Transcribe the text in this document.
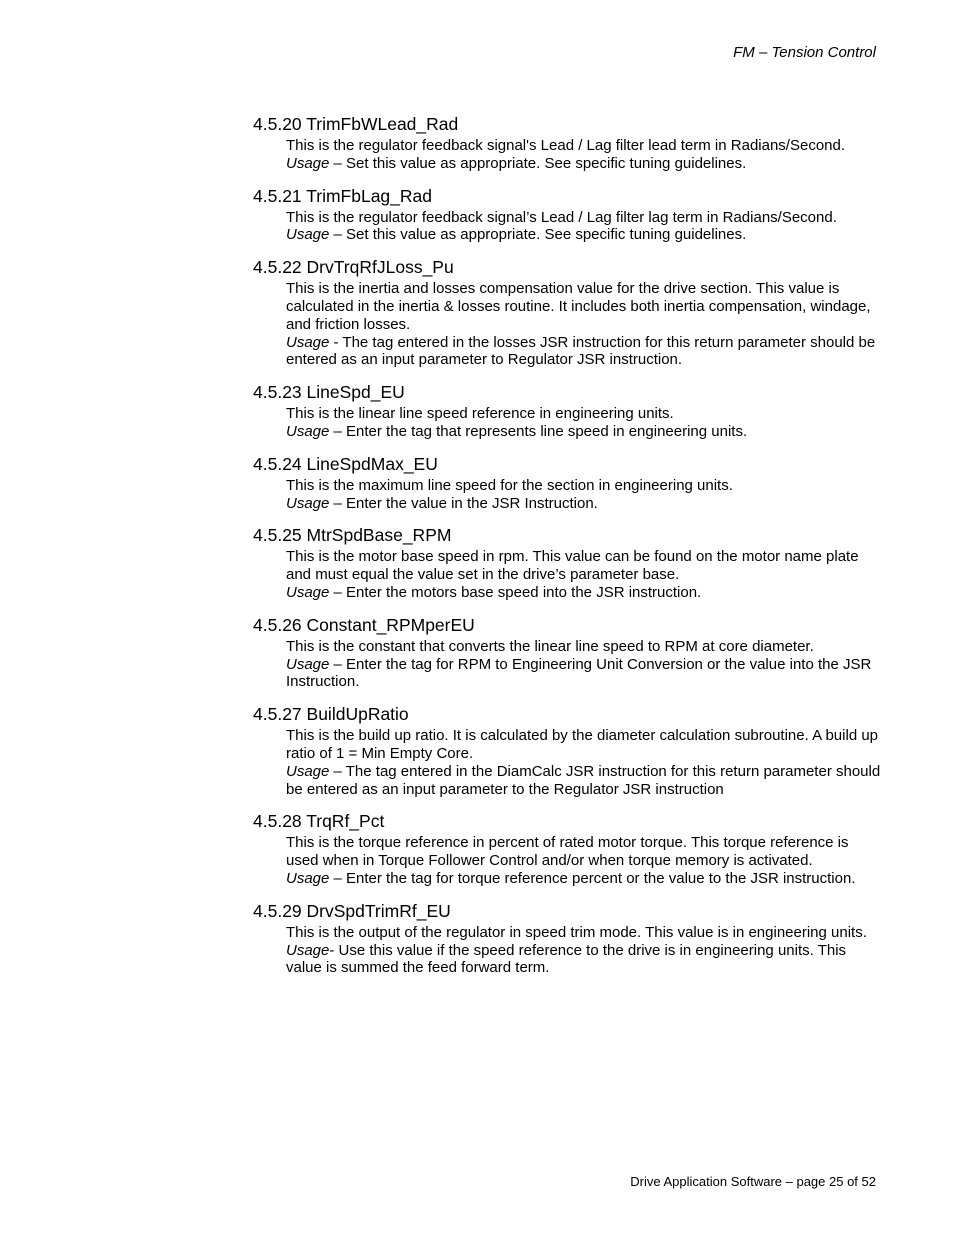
FM – Tension Control
4.5.20 TrimFbWLead_Rad

This is the regulator feedback signal's Lead / Lag filter lead term in Radians/Second.

Usage – Set this value as appropriate. See specific tuning guidelines.

4.5.21 TrimFbLag_Rad

This is the regulator feedback signal’s Lead / Lag filter lag term in Radians/Second.

Usage – Set this value as appropriate. See specific tuning guidelines.

4.5.22 DrvTrqRfJLoss_Pu

This is the inertia and losses compensation value for the drive section. This value is calculated in the inertia & losses routine. It includes both inertia compensation, windage, and friction losses.

Usage - The tag entered in the losses JSR instruction for this return parameter should be entered as an input parameter to Regulator JSR instruction.

4.5.23 LineSpd_EU

This is the linear line speed reference in engineering units.

Usage – Enter the tag that represents line speed in engineering units.

4.5.24 LineSpdMax_EU

This is the maximum line speed for the section in engineering units.

Usage – Enter the value in the JSR Instruction.

4.5.25 MtrSpdBase_RPM

This is the motor base speed in rpm. This value can be found on the motor name plate and must equal the value set in the drive’s parameter base.

Usage – Enter the motors base speed into the JSR instruction.

4.5.26 Constant_RPMperEU

This is the constant that converts the linear line speed to RPM at core diameter.

Usage – Enter the tag for RPM to Engineering Unit Conversion or the value into the JSR Instruction.

4.5.27 BuildUpRatio

This is the build up ratio. It is calculated by the diameter calculation subroutine. A build up ratio of 1 = Min Empty Core.

Usage – The tag entered in the DiamCalc JSR instruction for this return parameter should be entered as an input parameter to the Regulator JSR instruction

4.5.28 TrqRf_Pct

This is the torque reference in percent of rated motor torque. This torque reference is used when in Torque Follower Control and/or when torque memory is activated.

Usage – Enter the tag for torque reference percent or the value to the JSR instruction.

4.5.29 DrvSpdTrimRf_EU

This is the output of the regulator in speed trim mode. This value is in engineering units.

Usage- Use this value if the speed reference to the drive is in engineering units. This value is summed the feed forward term.

Drive Application Software – page 25 of 52
